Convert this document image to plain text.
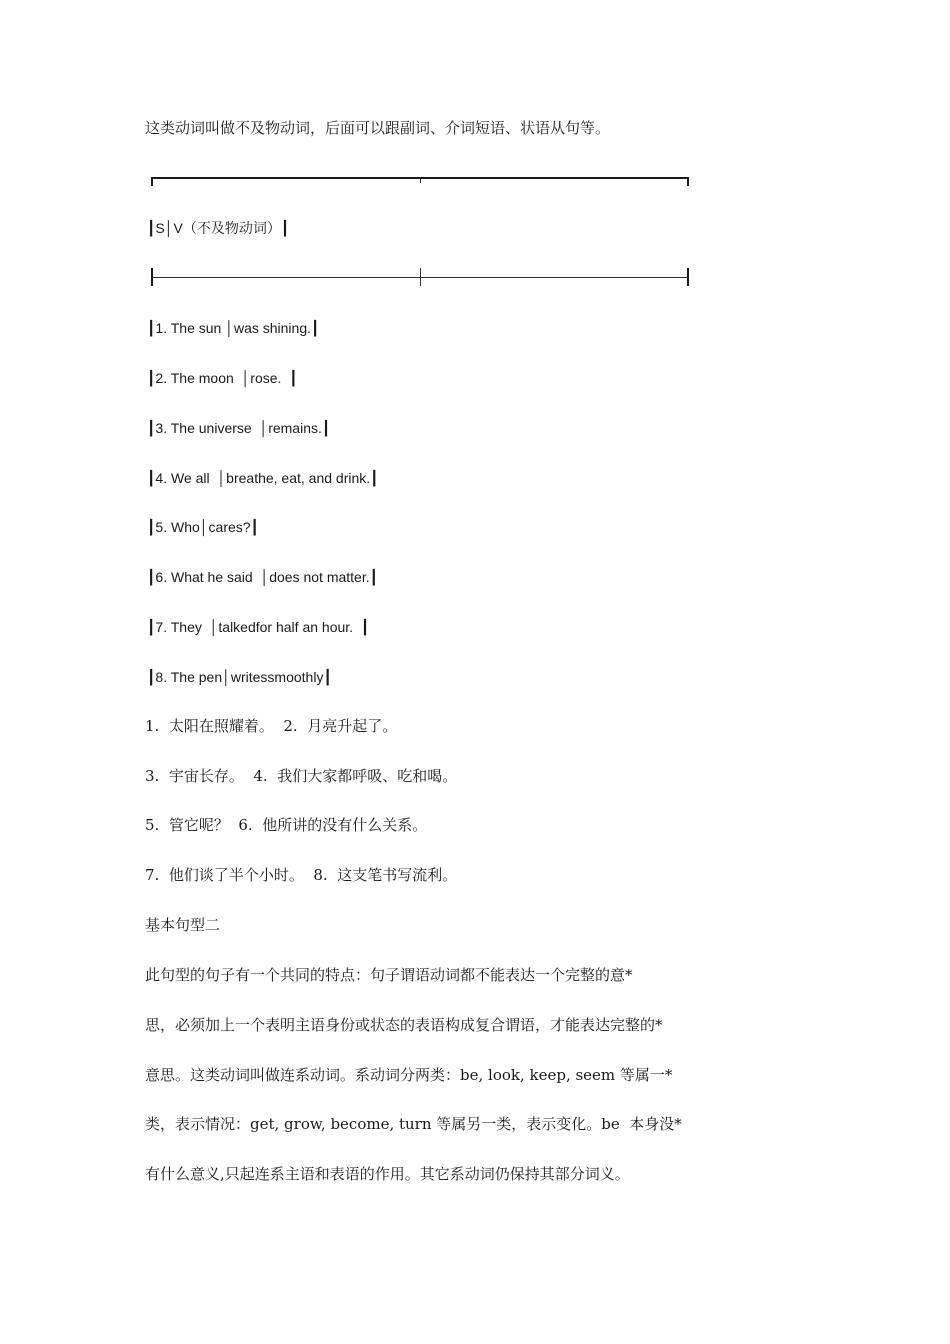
这类动词叫做不及物动词，后面可以跟副词、介词短语、状语从句等。

┃S│V（不及物动词）┃

┃1. The sun │was shining.┃

┃2. The moon  │rose.  ┃

┃3. The universe  │remains.┃

┃4. We all  │breathe, eat, and drink.┃

┃5. Who│cares?┃

┃6. What he said  │does not matter.┃

┃7. They  │talkedfor half an hour.  ┃

┃8. The pen│writessmoothly┃

1.  太阳在照耀着。  2.  月亮升起了。

3.  宇宙长存。  4.  我们大家都呼吸、吃和喝。

5.  管它呢？  6.  他所讲的没有什么关系。

7.  他们谈了半个小时。  8.  这支笔书写流利。

基本句型二

此句型的句子有一个共同的特点：句子谓语动词都不能表达一个完整的意*

思，必须加上一个表明主语身份或状态的表语构成复合谓语，才能表达完整的*

意思。这类动词叫做连系动词。系动词分两类：be, look, keep, seem 等属一*

类，表示情况：get, grow, become, turn 等属另一类，表示变化。be  本身没*

有什么意义,只起连系主语和表语的作用。其它系动词仍保持其部分词义。
